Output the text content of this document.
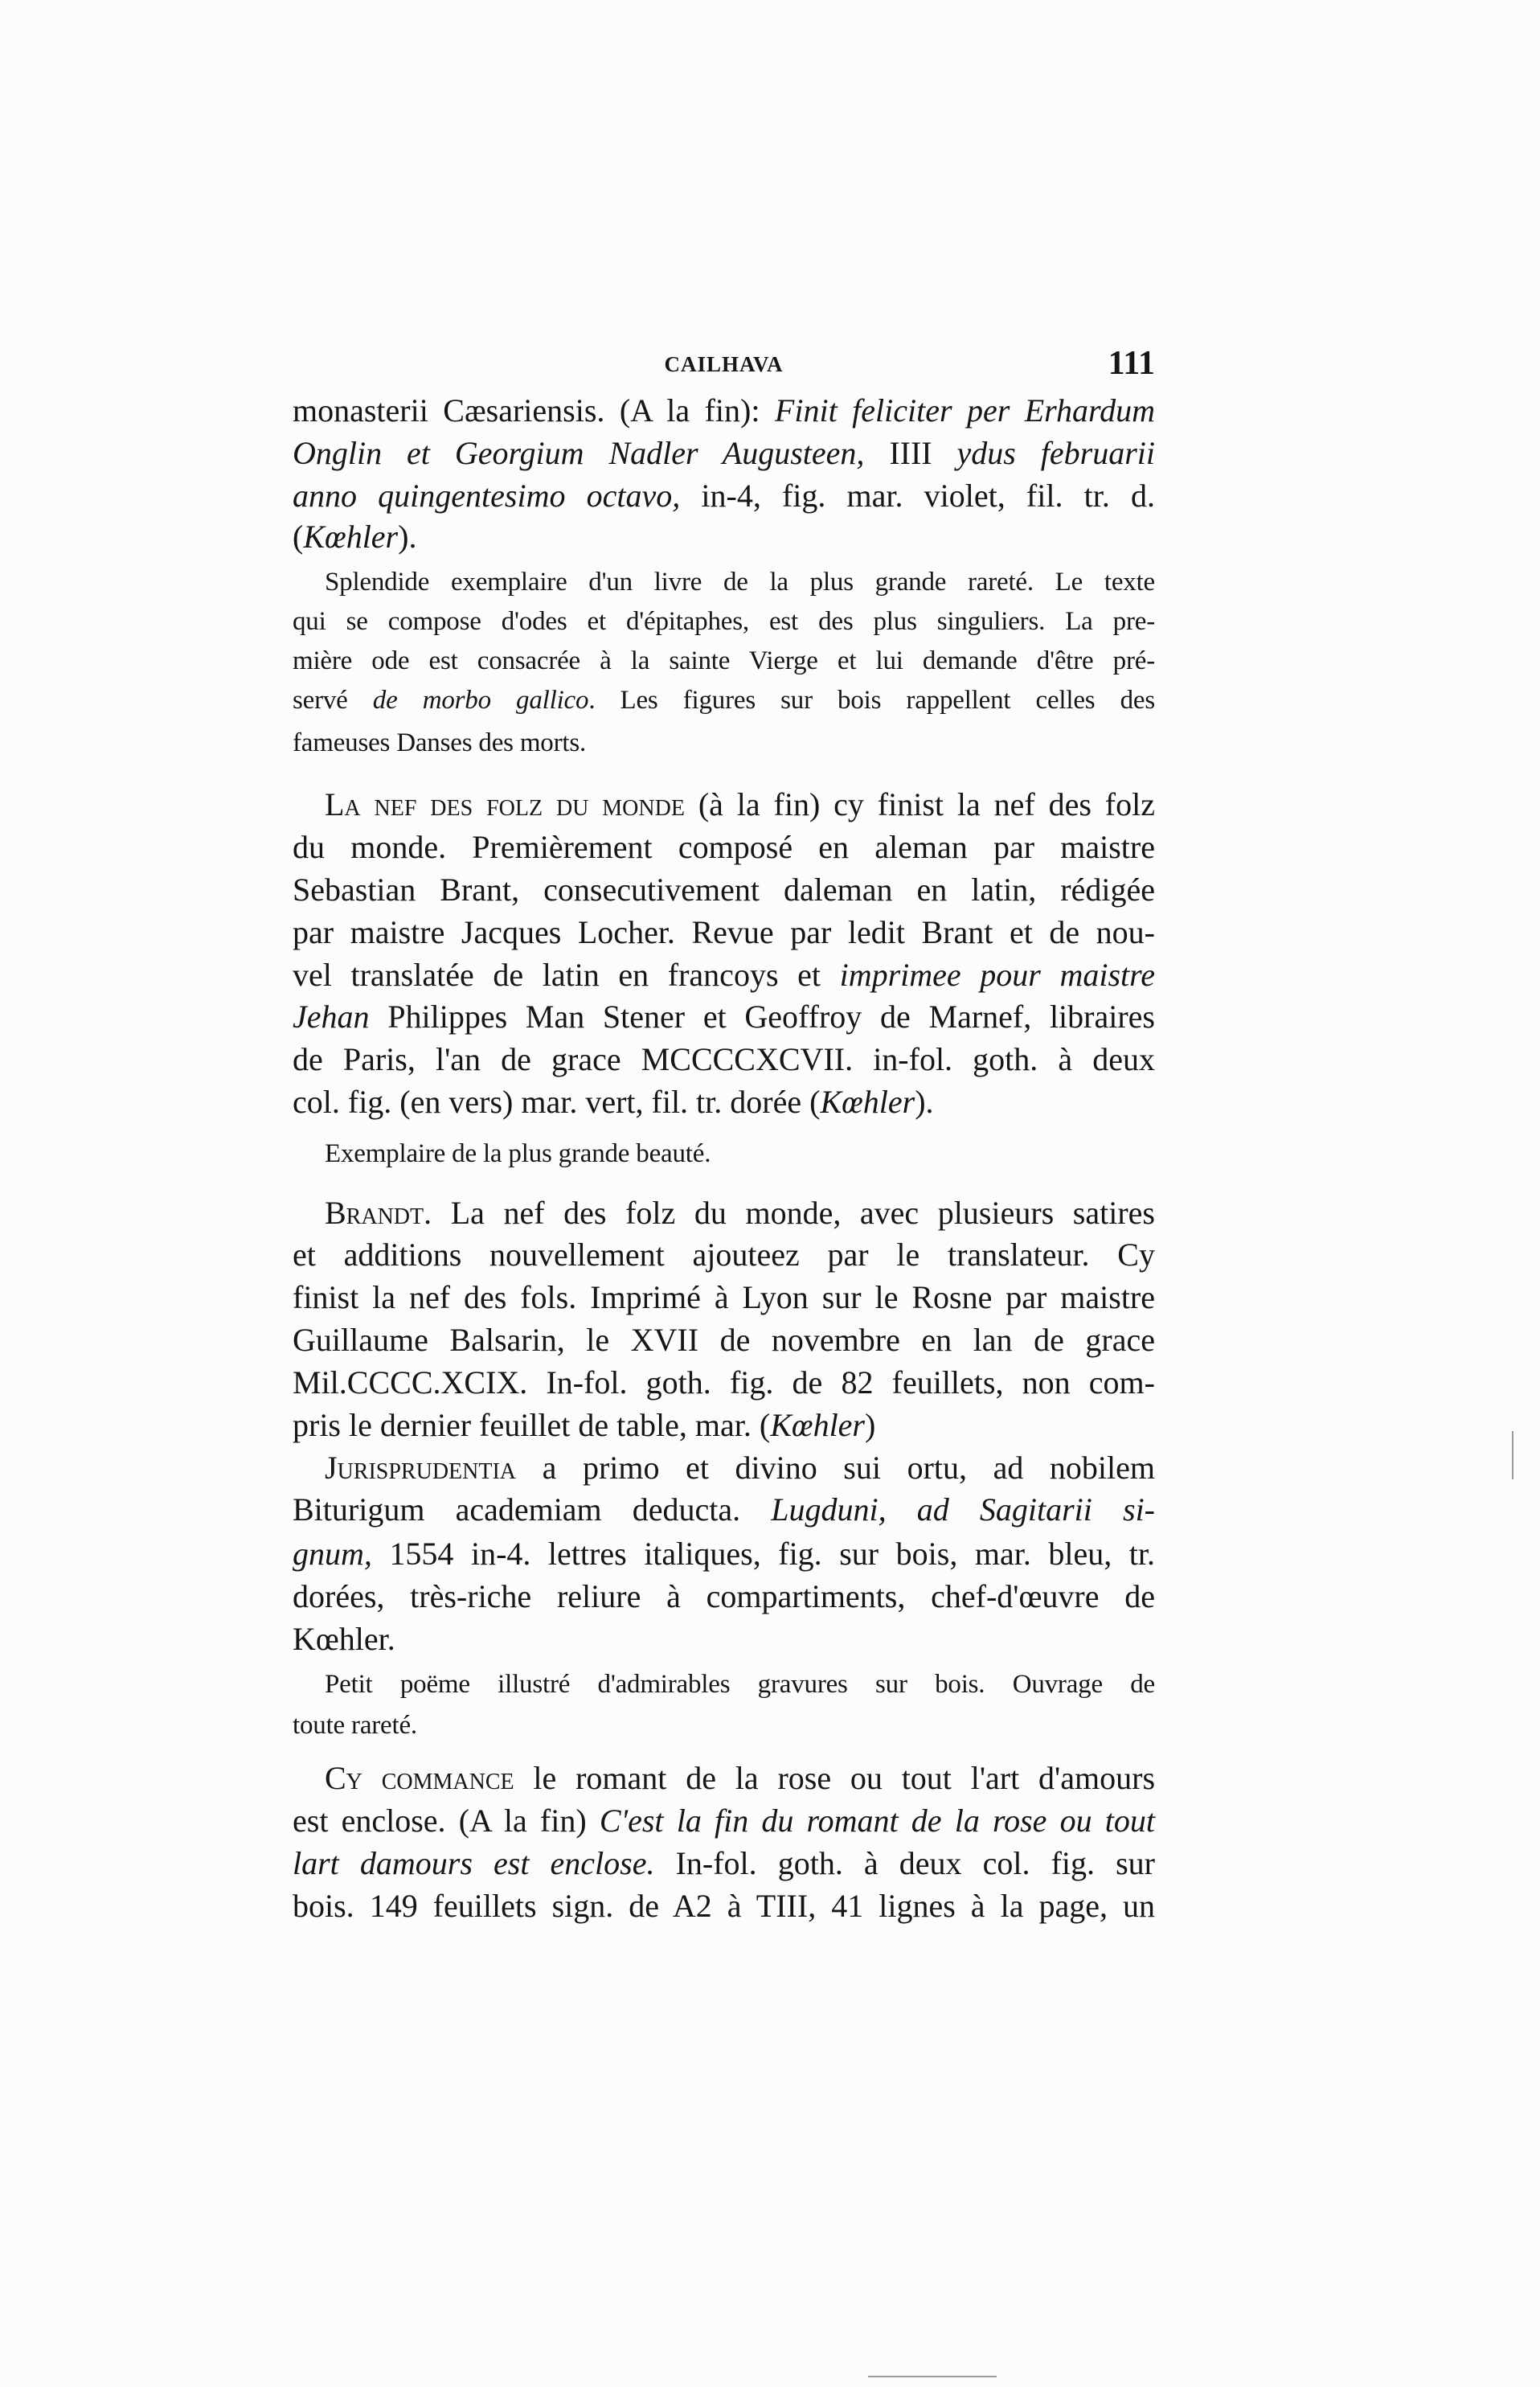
CAILHAVA	111
monasterii Cæsariensis. (A la fin): Finit feliciter per Erhardum
Onglin et Georgium Nadler Augusteen, IIII ydus februarii
anno quingentesimo octavo, in-4, fig. mar. violet, fil. tr. d.
(Kœhler).
Splendide exemplaire d'un livre de la plus grande rareté. Le texte
qui se compose d'odes et d'épitaphes, est des plus singuliers. La pre-
mière ode est consacrée à la sainte Vierge et lui demande d'être pré-
servé de morbo gallico. Les figures sur bois rappellent celles des
fameuses Danses des morts.
La nef des folz du monde (à la fin) cy finist la nef des folz
du monde. Premièrement composé en aleman par maistre
Sebastian Brant, consecutivement daleman en latin, rédigée
par maistre Jacques Locher. Revue par ledit Brant et de nou-
vel translatée de latin en francoys et imprimee pour maistre
Jehan Philippes Man Stener et Geoffroy de Marnef, libraires
de Paris, l'an de grace MCCCCXCVII. in-fol. goth. à deux
col. fig. (en vers) mar. vert, fil. tr. dorée (Kœhler).
Exemplaire de la plus grande beauté.
Brandt. La nef des folz du monde, avec plusieurs satires
et additions nouvellement ajouteez par le translateur. Cy
finist la nef des fols. Imprimé à Lyon sur le Rosne par maistre
Guillaume Balsarin, le XVII de novembre en lan de grace
Mil.CCCC.XCIX. In-fol. goth. fig. de 82 feuillets, non com-
pris le dernier feuillet de table, mar. (Kœhler)
Jurisprudentia a primo et divino sui ortu, ad nobilem
Biturigum academiam deducta. Lugduni, ad Sagitarii si-
gnum, 1554 in-4. lettres italiques, fig. sur bois, mar. bleu, tr.
dorées, très-riche reliure à compartiments, chef-d'œuvre de
Kœhler.
Petit poëme illustré d'admirables gravures sur bois. Ouvrage de
toute rareté.
Cy commance le romant de la rose ou tout l'art d'amours
est enclose. (A la fin) C'est la fin du romant de la rose ou tout
lart damours est enclose. In-fol. goth. à deux col. fig. sur
bois. 149 feuillets sign. de A2 à TIII, 41 lignes à la page, un
